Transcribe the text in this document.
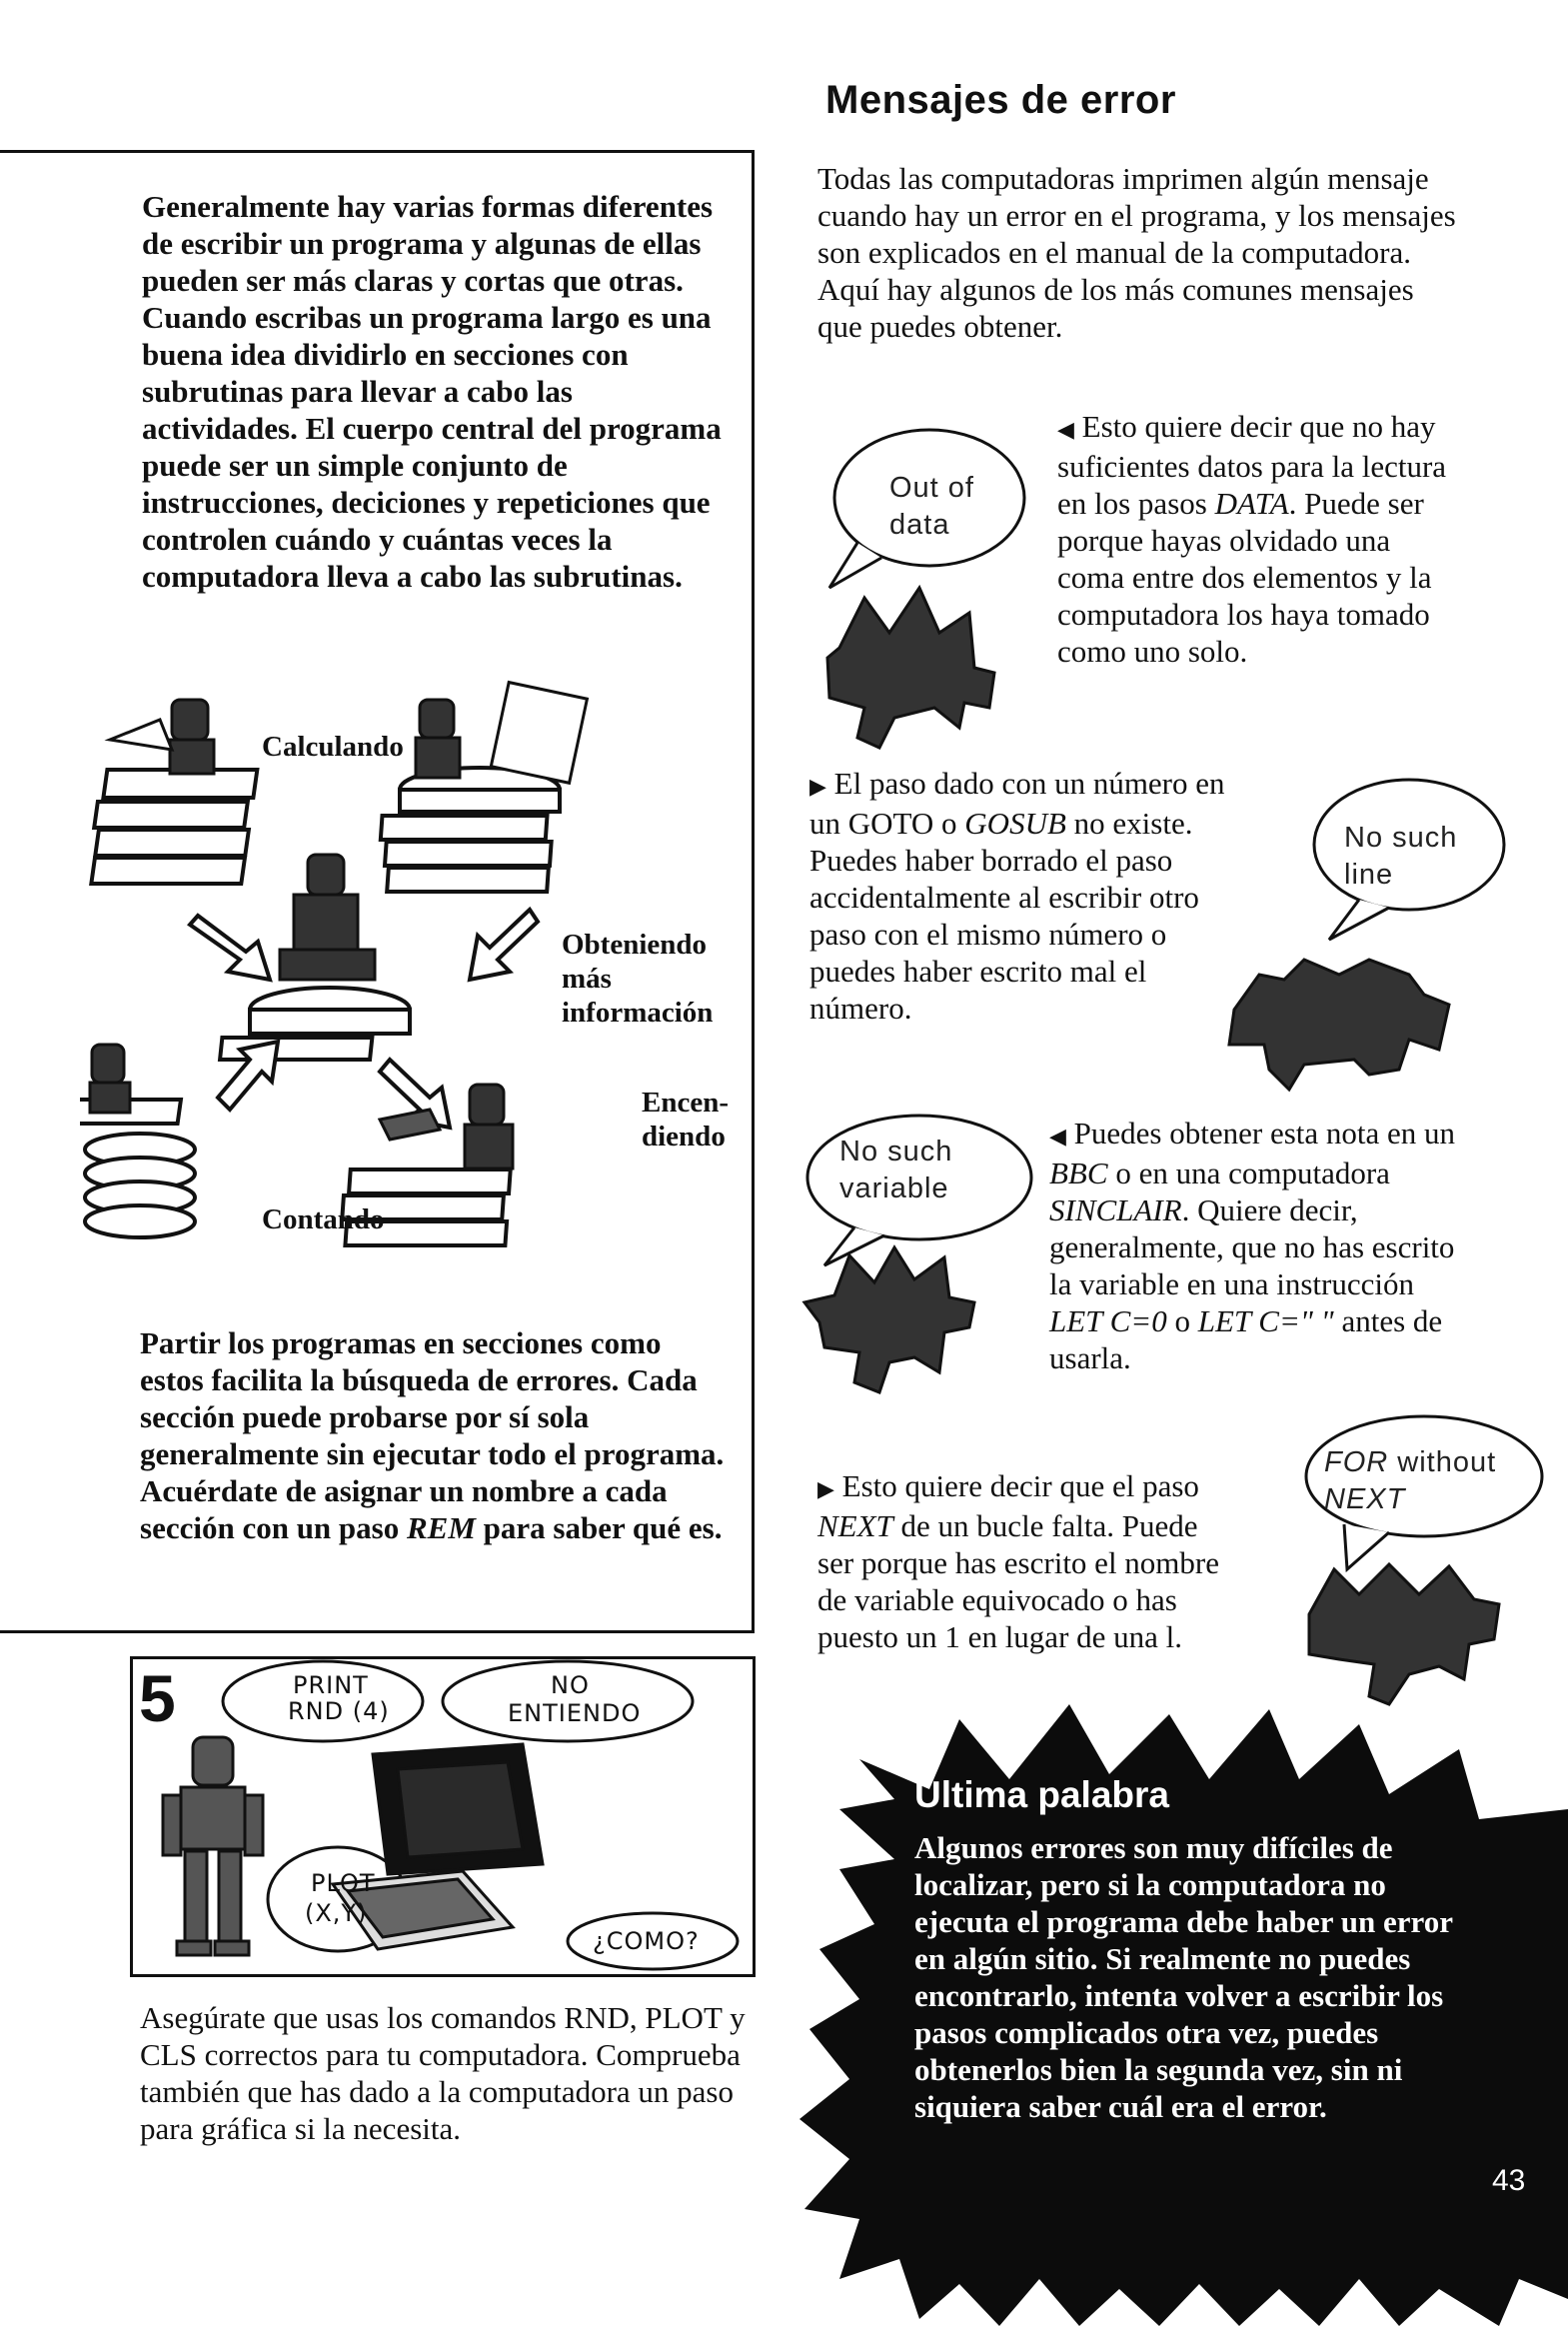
Mensajes de error
Generalmente hay varias formas diferentes de escribir un programa y algunas de ellas pueden ser más claras y cortas que otras. Cuando escribas un programa largo es una buena idea dividirlo en secciones con subrutinas para llevar a cabo las actividades. El cuerpo central del programa puede ser un simple conjunto de instrucciones, deciciones y repeticiones que controlen cuándo y cuántas veces la computadora lleva a cabo las subrutinas.
Calculando
Obteniendo
más
información
Encen-
diendo
Contando
Partir los programas en secciones como estos facilita la búsqueda de errores. Cada sección puede probarse por sí sola generalmente sin ejecutar todo el programa. Acuérdate de asignar un nombre a cada sección con un paso REM para saber qué es.
5	PRINT
RND (4)
NO
ENTIENDO
PLOT
(X,Y)
¿COMO?
Asegúrate que usas los comandos RND, PLOT y CLS correctos para tu computadora. Comprueba también que has dado a la computadora un paso para gráfica si la necesita.
Todas las computadoras imprimen algún mensaje cuando hay un error en el programa, y los mensajes son explicados en el manual de la computadora. Aquí hay algunos de los más comunes mensajes que puedes obtener.
Out of
data
◀ Esto quiere decir que no hay suficientes datos para la lectura en los pasos DATA. Puede ser porque hayas olvidado una coma entre dos elementos y la computadora los haya tomado como uno solo.
▶ El paso dado con un número en un GOTO o GOSUB no existe. Puedes haber borrado el paso accidentalmente al escribir otro paso con el mismo número o puedes haber escrito mal el número.
No such
line
No such
variable
◀ Puedes obtener esta nota en un BBC o en una computadora SINCLAIR. Quiere decir, generalmente, que no has escrito la variable en una instrucción LET C=0 o LET C=" " antes de usarla.
FOR without
NEXT
▶ Esto quiere decir que el paso NEXT de un bucle falta. Puede ser porque has escrito el nombre de variable equivocado o has puesto un 1 en lugar de una l.
Ultima palabra
Algunos errores son muy difíciles de localizar, pero si la computadora no ejecuta el programa debe haber un error en algún sitio. Si realmente no puedes encontrarlo, intenta volver a escribir los pasos complicados otra vez, puedes obtenerlos bien la segunda vez, sin ni siquiera saber cuál era el error.
43
